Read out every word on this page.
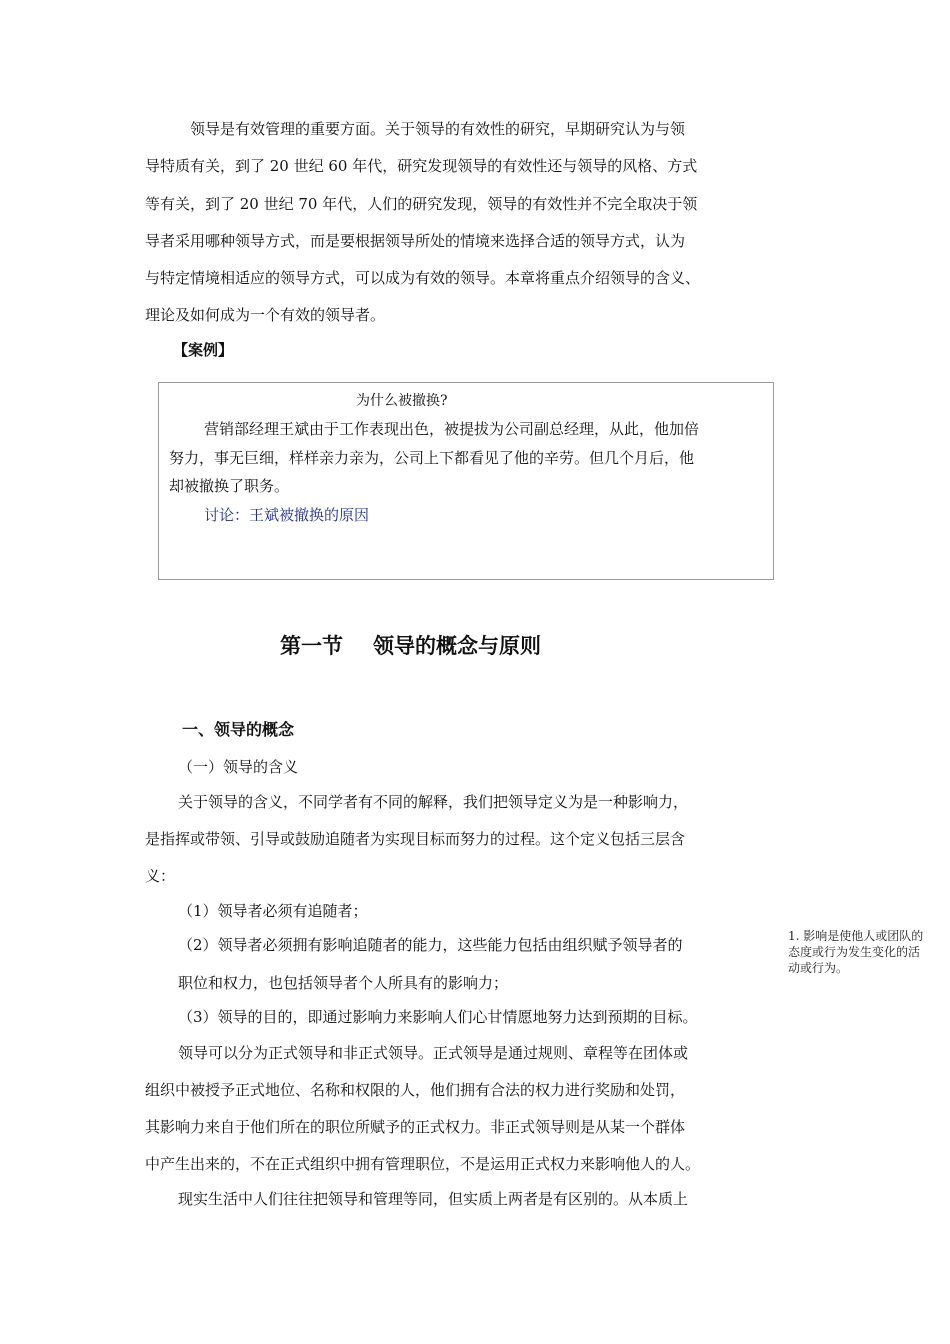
领导是有效管理的重要方面。关于领导的有效性的研究，早期研究认为与领
导特质有关，到了 20 世纪 60 年代，研究发现领导的有效性还与领导的风格、方式
等有关，到了 20 世纪 70 年代，人们的研究发现，领导的有效性并不完全取决于领
导者采用哪种领导方式，而是要根据领导所处的情境来选择合适的领导方式，认为
与特定情境相适应的领导方式，可以成为有效的领导。本章将重点介绍领导的含义、
理论及如何成为一个有效的领导者。
【案例】
为什么被撤换?
营销部经理王斌由于工作表现出色，被提拔为公司副总经理，从此，他加倍
努力，事无巨细，样样亲力亲为，公司上下都看见了他的辛劳。但几个月后，他
却被撤换了职务。
讨论：王斌被撤换的原因
第一节 领导的概念与原则
一、领导的概念
（一）领导的含义
关于领导的含义，不同学者有不同的解释，我们把领导定义为是一种影响力，
是指挥或带领、引导或鼓励追随者为实现目标而努力的过程。这个定义包括三层含
义：
（1）领导者必须有追随者；
（2）领导者必须拥有影响追随者的能力，这些能力包括由组织赋予领导者的
职位和权力，也包括领导者个人所具有的影响力；
（3）领导的目的，即通过影响力来影响人们心甘情愿地努力达到预期的目标。
领导可以分为正式领导和非正式领导。正式领导是通过规则、章程等在团体或
组织中被授予正式地位、名称和权限的人，他们拥有合法的权力进行奖励和处罚，
其影响力来自于他们所在的职位所赋予的正式权力。非正式领导则是从某一个群体
中产生出来的，不在正式组织中拥有管理职位，不是运用正式权力来影响他人的人。
现实生活中人们往往把领导和管理等同，但实质上两者是有区别的。从本质上
1. 影响是使他人或团队的态度或行为发生变化的活动或行为。
